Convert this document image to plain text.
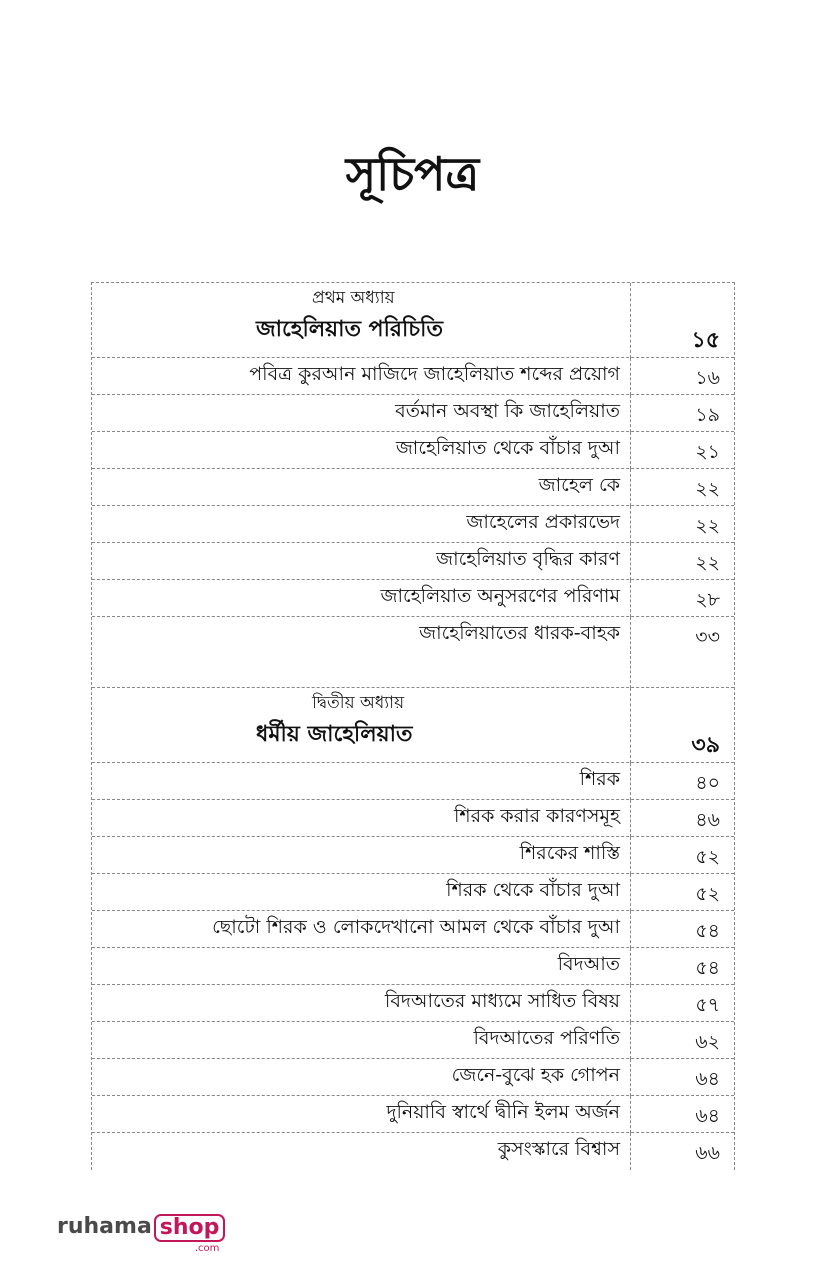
সূচিপত্র
প্রথম অধ্যায়
জাহেলিয়াত পরিচিতি	১৫
পবিত্র কুরআন মাজিদে জাহেলিয়াত শব্দের প্রয়োগ	১৬
বর্তমান অবস্থা কি জাহেলিয়াত	১৯
জাহেলিয়াত থেকে বাঁচার দুআ	২১
জাহেল কে	২২
জাহেলের প্রকারভেদ	২২
জাহেলিয়াত বৃদ্ধির কারণ	২২
জাহেলিয়াত অনুসরণের পরিণাম	২৮
জাহেলিয়াতের ধারক-বাহক	৩৩
দ্বিতীয় অধ্যায়
ধর্মীয় জাহেলিয়াত	৩৯
শিরক	৪০
শিরক করার কারণসমূহ	৪৬
শিরকের শাস্তি	৫২
শিরক থেকে বাঁচার দুআ	৫২
ছোটো শিরক ও লোকদেখানো আমল থেকে বাঁচার দুআ	৫৪
বিদআত	৫৪
বিদআতের মাধ্যমে সাধিত বিষয়	৫৭
বিদআতের পরিণতি	৬২
জেনে-বুঝে হক গোপন	৬৪
দুনিয়াবি স্বার্থে দ্বীনি ইলম অর্জন	৬৪
কুসংস্কারে বিশ্বাস	৬৬
ruhama shop
.com
